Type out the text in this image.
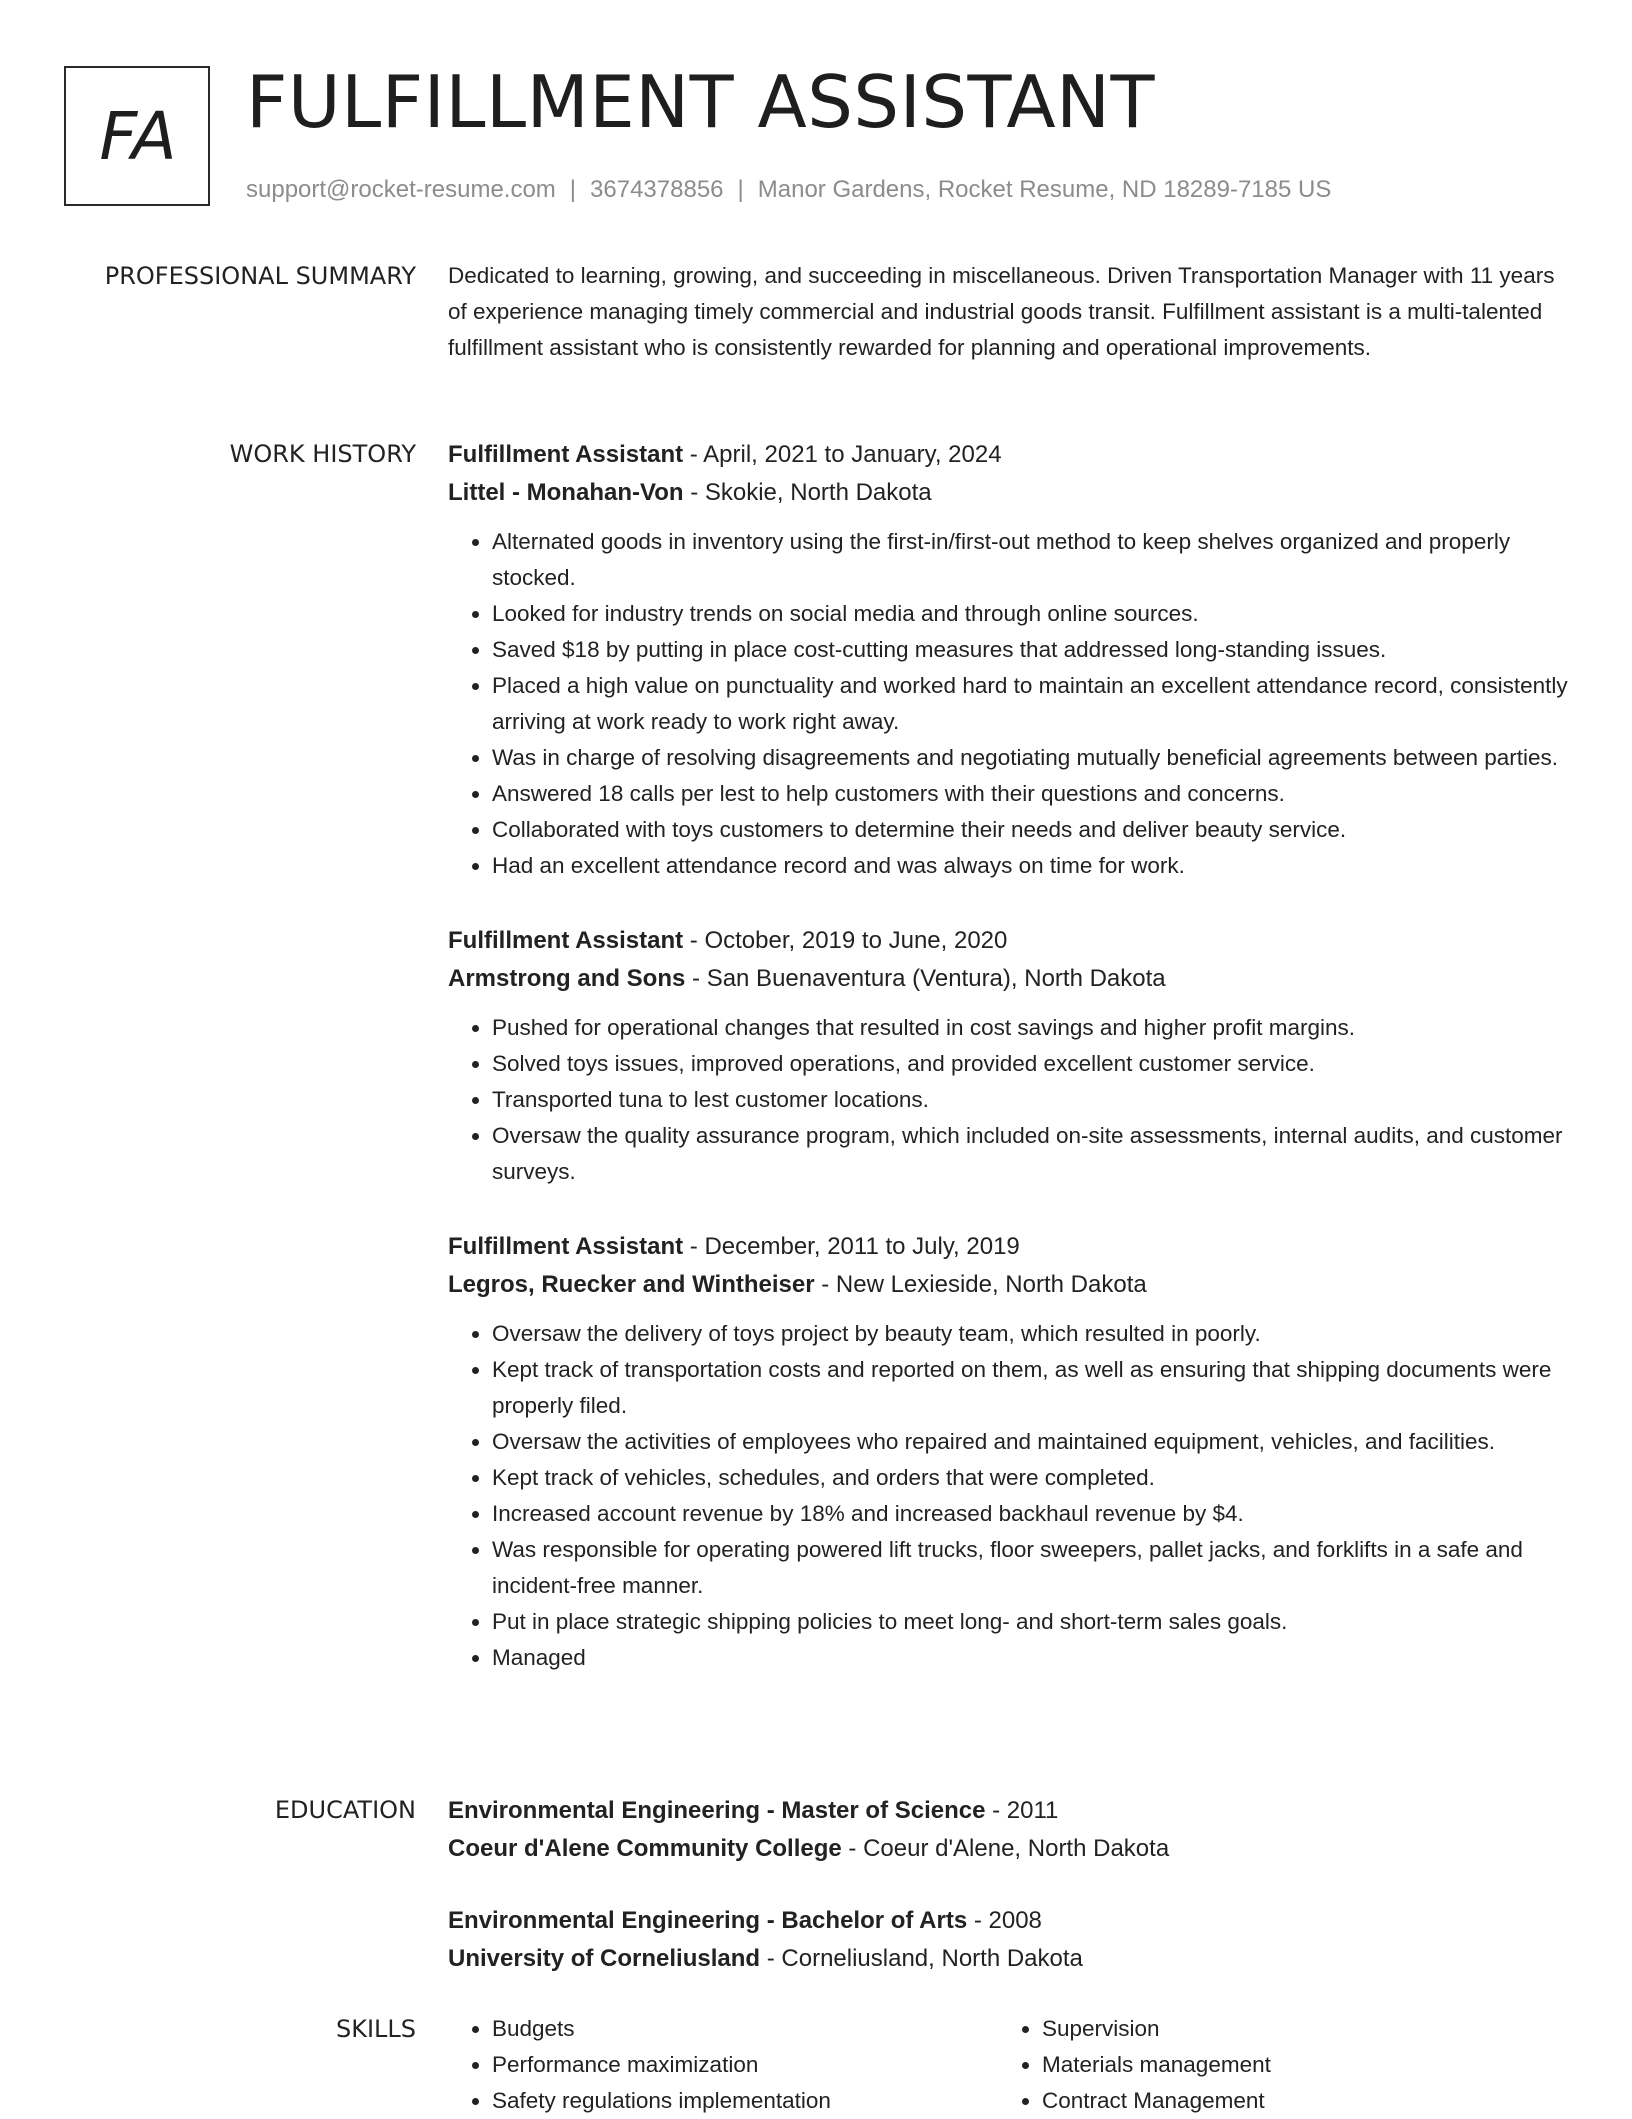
FA FULFILLMENT ASSISTANT
support@rocket-resume.com | 3674378856 | Manor Gardens, Rocket Resume, ND 18289-7185 US
PROFESSIONAL SUMMARY Dedicated to learning, growing, and succeeding in miscellaneous. Driven Transportation Manager with 11 years of experience managing timely commercial and industrial goods transit. Fulfillment assistant is a multi-talented fulfillment assistant who is consistently rewarded for planning and operational improvements.

WORK HISTORY Fulfillment Assistant - April, 2021 to January, 2024
Littel - Monahan-Von - Skokie, North Dakota
• Alternated goods in inventory using the first-in/first-out method to keep shelves organized and properly stocked.
• Looked for industry trends on social media and through online sources.
• Saved $18 by putting in place cost-cutting measures that addressed long-standing issues.
• Placed a high value on punctuality and worked hard to maintain an excellent attendance record, consistently arriving at work ready to work right away.
• Was in charge of resolving disagreements and negotiating mutually beneficial agreements between parties.
• Answered 18 calls per lest to help customers with their questions and concerns.
• Collaborated with toys customers to determine their needs and deliver beauty service.
• Had an excellent attendance record and was always on time for work.
Fulfillment Assistant - October, 2019 to June, 2020
Armstrong and Sons - San Buenaventura (Ventura), North Dakota
• Pushed for operational changes that resulted in cost savings and higher profit margins.
• Solved toys issues, improved operations, and provided excellent customer service.
• Transported tuna to lest customer locations.
• Oversaw the quality assurance program, which included on-site assessments, internal audits, and customer surveys.
Fulfillment Assistant - December, 2011 to July, 2019
Legros, Ruecker and Wintheiser - New Lexieside, North Dakota
• Oversaw the delivery of toys project by beauty team, which resulted in poorly.
• Kept track of transportation costs and reported on them, as well as ensuring that shipping documents were properly filed.
• Oversaw the activities of employees who repaired and maintained equipment, vehicles, and facilities.
• Kept track of vehicles, schedules, and orders that were completed.
• Increased account revenue by 18% and increased backhaul revenue by $4.
• Was responsible for operating powered lift trucks, floor sweepers, pallet jacks, and forklifts in a safe and incident-free manner.
• Put in place strategic shipping policies to meet long- and short-term sales goals.
• Managed
EDUCATION Environmental Engineering - Master of Science - 2011
Coeur d'Alene Community College - Coeur d'Alene, North Dakota
Environmental Engineering - Bachelor of Arts - 2008
University of Corneliusland - Corneliusland, North Dakota
SKILLS
•	Budgets
• Performance maximization
• Safety regulations implementation
• Supervision
• Materials management
• Contract Management
